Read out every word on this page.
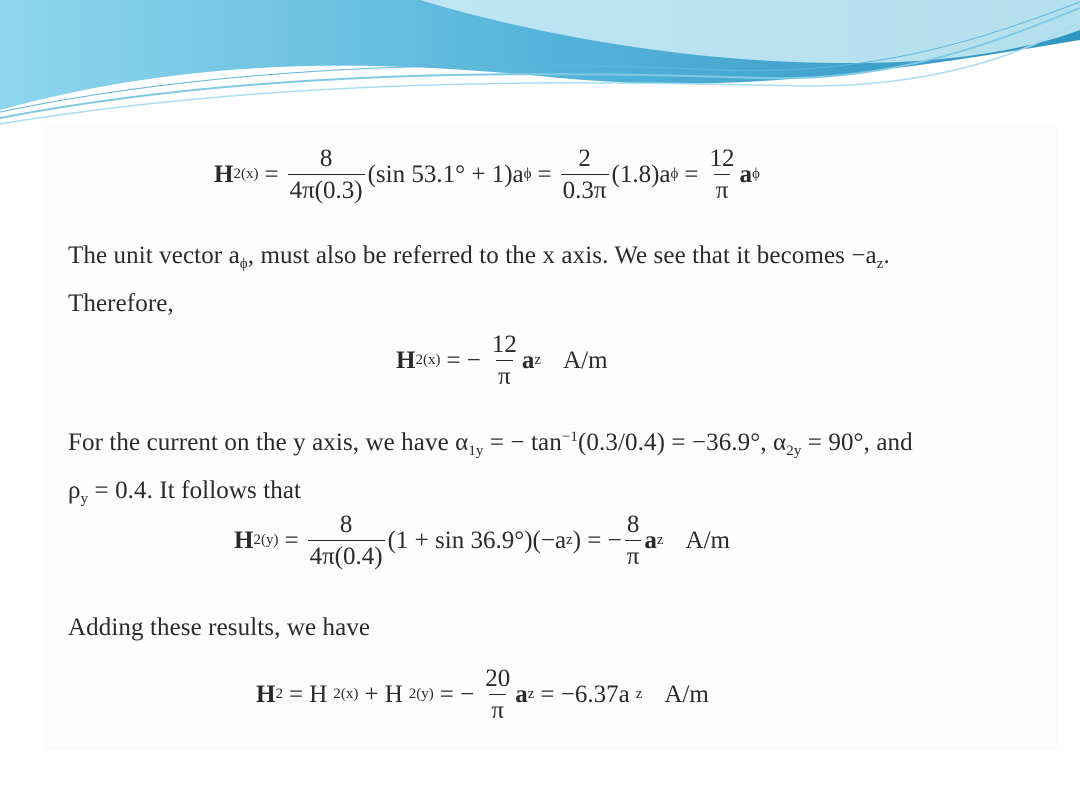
H $2(x) = \frac{8}{4\pi(0.3)} (\sin$ 53.1° + 1)a $\phi = \frac{2}{0.3\pi} (1.8)a$ $\phi = \frac{12}{\pi}$ a ϕ
The unit vector $a_\phi$, must also be referred to the x axis. We see that it becomes $-a_z$.
Therefore,
H 2(x) = − $\frac{12}{\pi}$ a z A/m
For the current on the y axis, we have $\alpha_{1y}$ = − $\tan^{-1}(0.3/0.4) = -36.9^\circ$, $\alpha_{2y} = 90^\circ$, and
$\rho_y = 0.4$. It follows that
H $2(y) = \frac{8}{4\pi(0.4)} (1 + \sin 36.9^\circ)(-a$ z ) = − $\frac{8}{\pi}$ a z A/m
Adding these results, we have
H 2 = H 2(x) + H 2(y) = − $\frac{20}{\pi}$ a z = −6.37a z A/m
